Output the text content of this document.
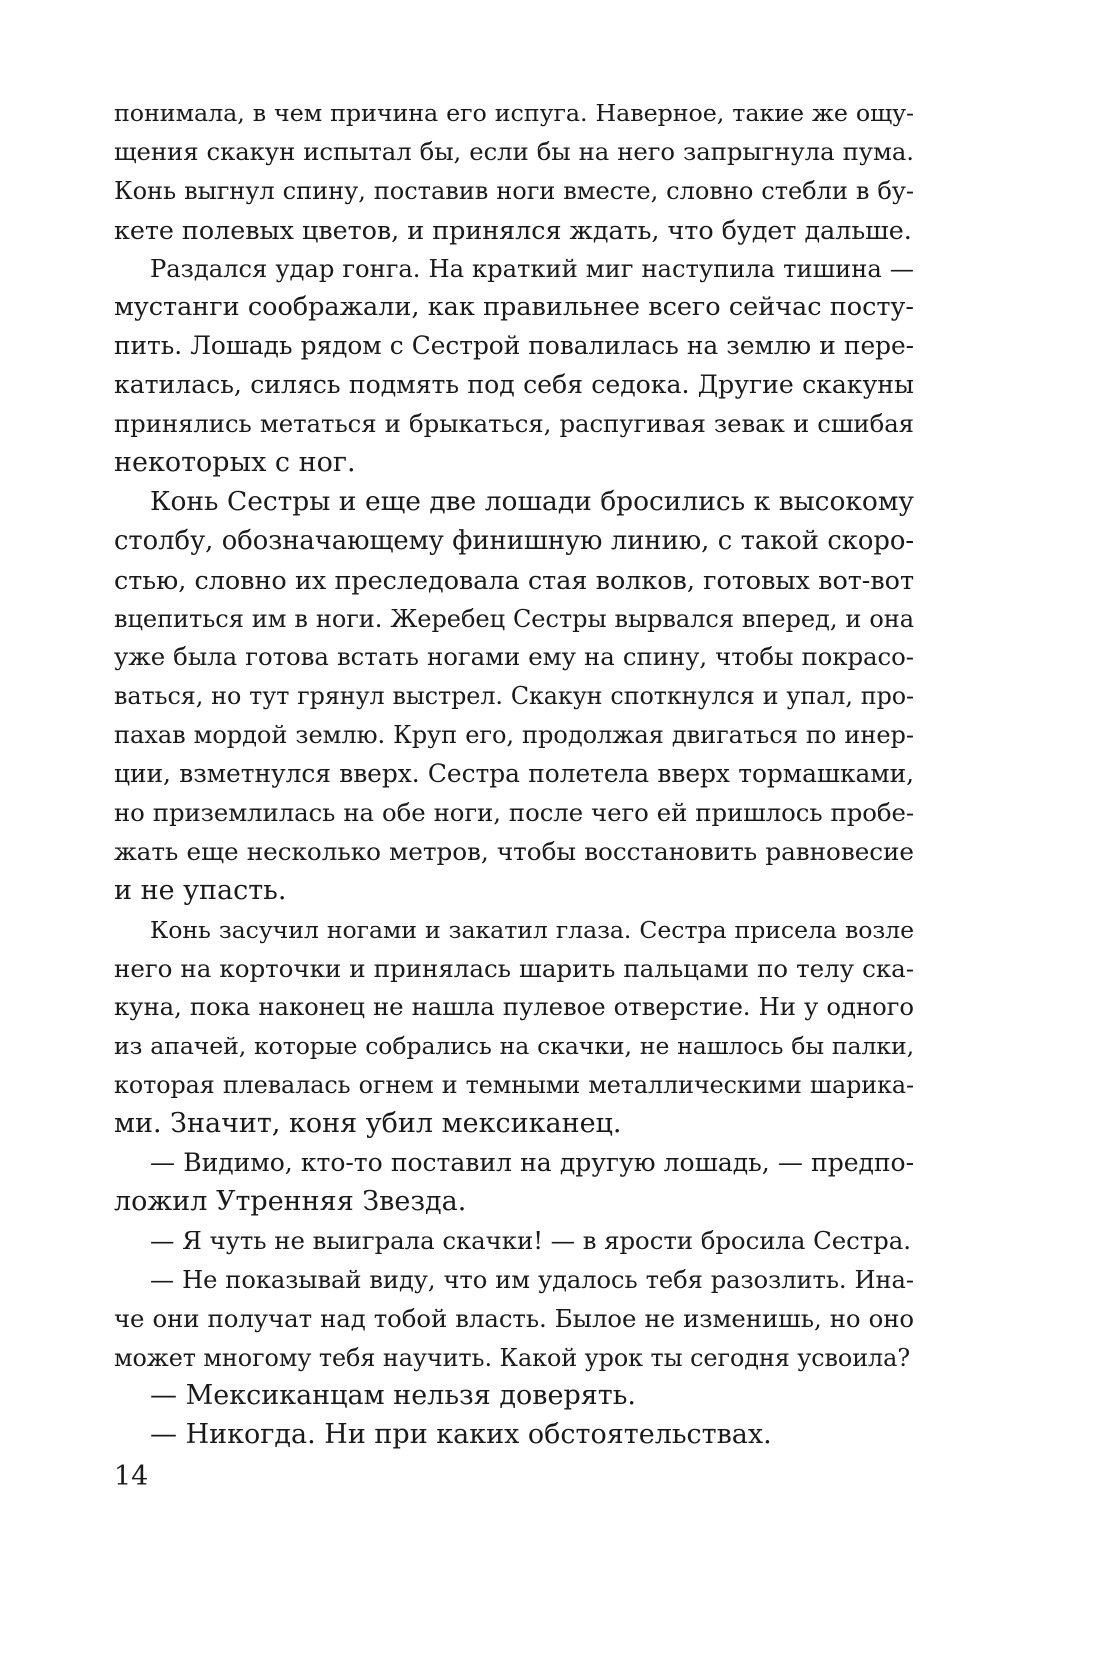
понимала, в чем причина его испуга. Наверное, такие же ощу-
щения скакун испытал бы, если бы на него запрыгнула пума.
Конь выгнул спину, поставив ноги вместе, словно стебли в бу-
кете полевых цветов, и принялся ждать, что будет дальше.
Раздался удар гонга. На краткий миг наступила тишина —
мустанги соображали, как правильнее всего сейчас посту-
пить. Лошадь рядом с Сестрой повалилась на землю и пере-
катилась, силясь подмять под себя седока. Другие скакуны
принялись метаться и брыкаться, распугивая зевак и сшибая
некоторых с ног.
Конь Сестры и еще две лошади бросились к высокому
столбу, обозначающему финишную линию, с такой скоро-
стью, словно их преследовала стая волков, готовых вот-вот
вцепиться им в ноги. Жеребец Сестры вырвался вперед, и она
уже была готова встать ногами ему на спину, чтобы покрасо-
ваться, но тут грянул выстрел. Скакун споткнулся и упал, про-
пахав мордой землю. Круп его, продолжая двигаться по инер-
ции, взметнулся вверх. Сестра полетела вверх тормашками,
но приземлилась на обе ноги, после чего ей пришлось пробе-
жать еще несколько метров, чтобы восстановить равновесие
и не упасть.
Конь засучил ногами и закатил глаза. Сестра присела возле
него на корточки и принялась шарить пальцами по телу ска-
куна, пока наконец не нашла пулевое отверстие. Ни у одного
из апачей, которые собрались на скачки, не нашлось бы палки,
которая плевалась огнем и темными металлическими шарика-
ми. Значит, коня убил мексиканец.
— Видимо, кто-то поставил на другую лошадь, — предпо-
ложил Утренняя Звезда.
— Я чуть не выиграла скачки! — в ярости бросила Сестра.
— Не показывай виду, что им удалось тебя разозлить. Ина-
че они получат над тобой власть. Былое не изменишь, но оно
может многому тебя научить. Какой урок ты сегодня усвоила?
— Мексиканцам нельзя доверять.
— Никогда. Ни при каких обстоятельствах.
14
